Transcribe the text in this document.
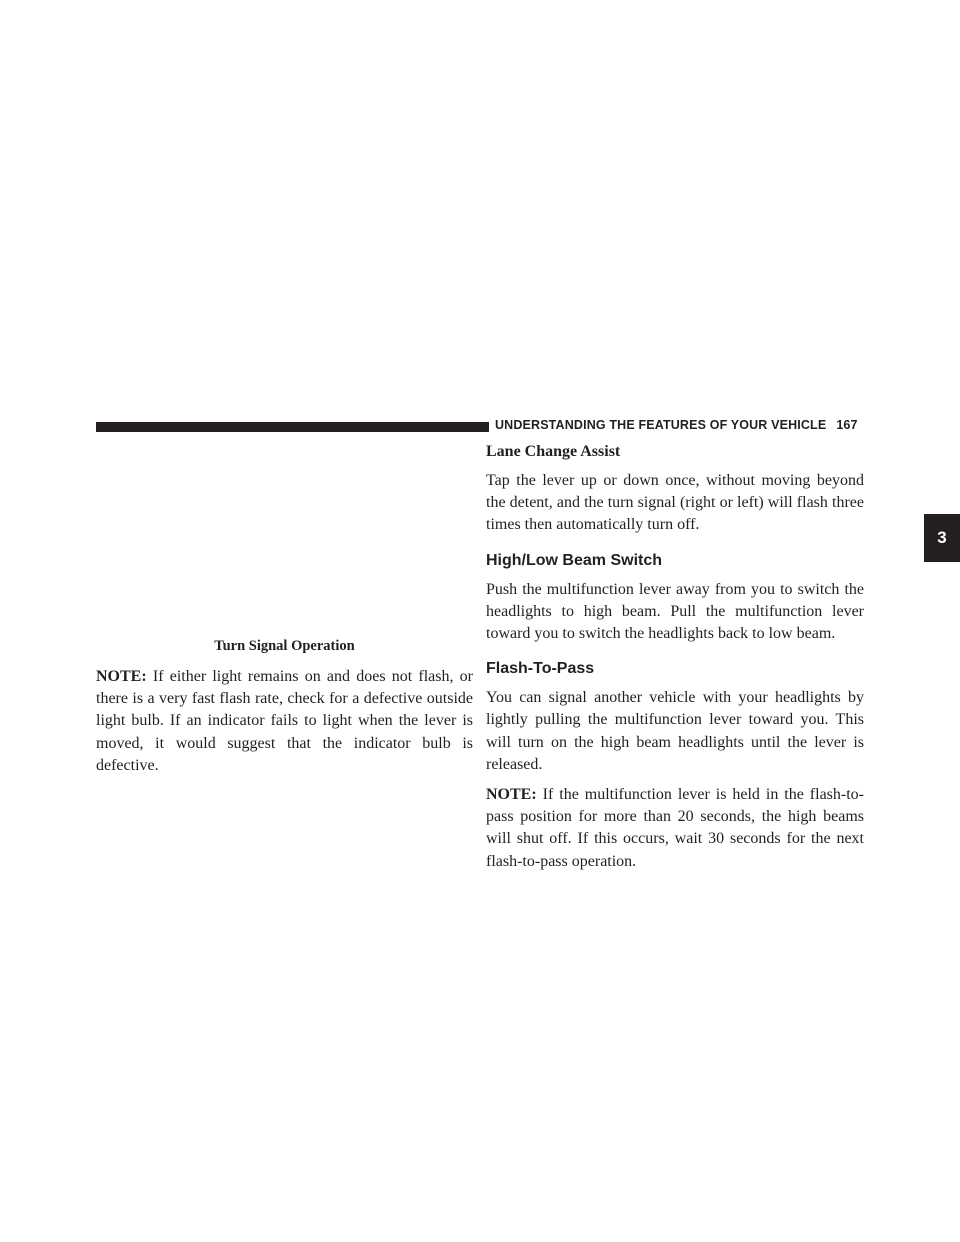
UNDERSTANDING THE FEATURES OF YOUR VEHICLE 167
3
Turn Signal Operation

NOTE: If either light remains on and does not flash, or there is a very fast flash rate, check for a defective outside light bulb. If an indicator fails to light when the lever is moved, it would suggest that the indicator bulb is defective.

Lane Change Assist

Tap the lever up or down once, without moving beyond the detent, and the turn signal (right or left) will flash three times then automatically turn off.

High/Low Beam Switch

Push the multifunction lever away from you to switch the headlights to high beam. Pull the multifunction lever toward you to switch the headlights back to low beam.

Flash-To-Pass

You can signal another vehicle with your headlights by lightly pulling the multifunction lever toward you. This will turn on the high beam headlights until the lever is released.

NOTE: If the multifunction lever is held in the flash-to-pass position for more than 20 seconds, the high beams will shut off. If this occurs, wait 30 seconds for the next flash-to-pass operation.
